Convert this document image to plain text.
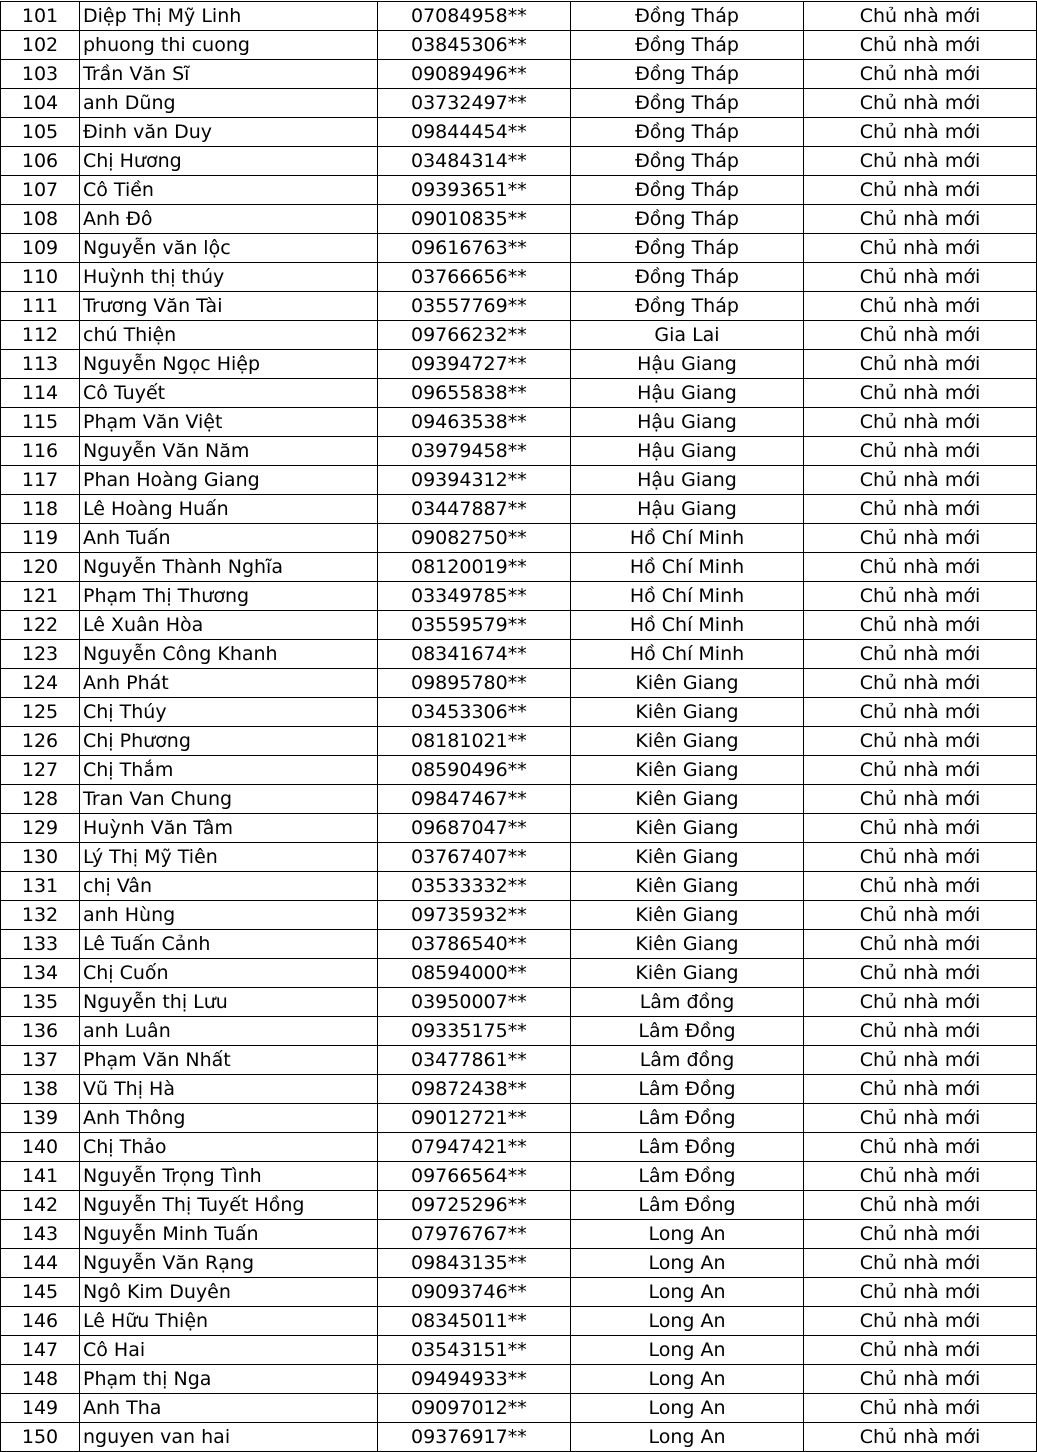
101	Diệp Thị Mỹ Linh	07084958**	Đồng Tháp	Chủ nhà mới
102	phuong thi cuong	03845306**	Đồng Tháp	Chủ nhà mới
103	Trần Văn Sĩ	09089496**	Đồng Tháp	Chủ nhà mới
104	anh Dũng	03732497**	Đồng Tháp	Chủ nhà mới
105	Đinh văn Duy	09844454**	Đồng Tháp	Chủ nhà mới
106	Chị Hương	03484314**	Đồng Tháp	Chủ nhà mới
107	Cô Tiền	09393651**	Đồng Tháp	Chủ nhà mới
108	Anh Đô	09010835**	Đồng Tháp	Chủ nhà mới
109	Nguyễn văn lộc	09616763**	Đồng Tháp	Chủ nhà mới
110	Huỳnh thị thúy	03766656**	Đồng Tháp	Chủ nhà mới
111	Trương Văn Tài	03557769**	Đồng Tháp	Chủ nhà mới
112	chú Thiện	09766232**	Gia Lai	Chủ nhà mới
113	Nguyễn Ngọc Hiệp	09394727**	Hậu Giang	Chủ nhà mới
114	Cô Tuyết	09655838**	Hậu Giang	Chủ nhà mới
115	Phạm Văn Việt	09463538**	Hậu Giang	Chủ nhà mới
116	Nguyễn Văn Năm	03979458**	Hậu Giang	Chủ nhà mới
117	Phan Hoàng Giang	09394312**	Hậu Giang	Chủ nhà mới
118	Lê Hoàng Huấn	03447887**	Hậu Giang	Chủ nhà mới
119	Anh Tuấn	09082750**	Hồ Chí Minh	Chủ nhà mới
120	Nguyễn Thành Nghĩa	08120019**	Hồ Chí Minh	Chủ nhà mới
121	Phạm Thị Thương	03349785**	Hồ Chí Minh	Chủ nhà mới
122	Lê Xuân Hòa	03559579**	Hồ Chí Minh	Chủ nhà mới
123	Nguyễn Công Khanh	08341674**	Hồ Chí Minh	Chủ nhà mới
124	Anh Phát	09895780**	Kiên Giang	Chủ nhà mới
125	Chị Thúy	03453306**	Kiên Giang	Chủ nhà mới
126	Chị Phương	08181021**	Kiên Giang	Chủ nhà mới
127	Chị Thắm	08590496**	Kiên Giang	Chủ nhà mới
128	Tran Van Chung	09847467**	Kiên Giang	Chủ nhà mới
129	Huỳnh Văn Tâm	09687047**	Kiên Giang	Chủ nhà mới
130	Lý Thị Mỹ Tiên	03767407**	Kiên Giang	Chủ nhà mới
131	chị Vân	03533332**	Kiên Giang	Chủ nhà mới
132	anh Hùng	09735932**	Kiên Giang	Chủ nhà mới
133	Lê Tuấn Cảnh	03786540**	Kiên Giang	Chủ nhà mới
134	Chị Cuốn	08594000**	Kiên Giang	Chủ nhà mới
135	Nguyễn thị Lưu	03950007**	Lâm đồng	Chủ nhà mới
136	anh Luân	09335175**	Lâm Đồng	Chủ nhà mới
137	Phạm Văn Nhất	03477861**	Lâm đồng	Chủ nhà mới
138	Vũ Thị Hà	09872438**	Lâm Đồng	Chủ nhà mới
139	Anh Thông	09012721**	Lâm Đồng	Chủ nhà mới
140	Chị Thảo	07947421**	Lâm Đồng	Chủ nhà mới
141	Nguyễn Trọng Tình	09766564**	Lâm Đồng	Chủ nhà mới
142	Nguyễn Thị Tuyết Hồng	09725296**	Lâm Đồng	Chủ nhà mới
143	Nguyễn Minh Tuấn	07976767**	Long An	Chủ nhà mới
144	Nguyễn Văn Rạng	09843135**	Long An	Chủ nhà mới
145	Ngô Kim Duyên	09093746**	Long An	Chủ nhà mới
146	Lê Hữu Thiện	08345011**	Long An	Chủ nhà mới
147	Cô Hai	03543151**	Long An	Chủ nhà mới
148	Phạm thị Nga	09494933**	Long An	Chủ nhà mới
149	Anh Tha	09097012**	Long An	Chủ nhà mới
150	nguyen van hai	09376917**	Long An	Chủ nhà mới
